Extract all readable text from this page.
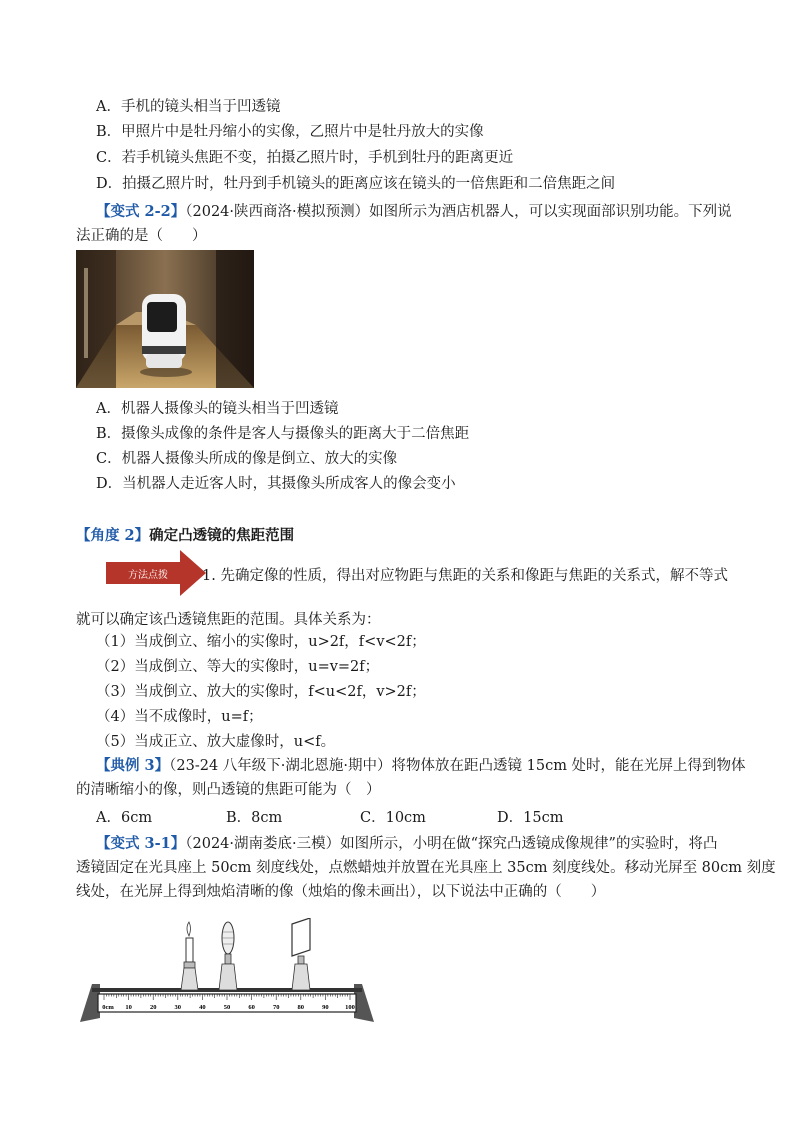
A．手机的镜头相当于凹透镜
B．甲照片中是牡丹缩小的实像，乙照片中是牡丹放大的实像
C．若手机镜头焦距不变，拍摄乙照片时，手机到牡丹的距离更近
D．拍摄乙照片时，牡丹到手机镜头的距离应该在镜头的一倍焦距和二倍焦距之间
【变式 2-2】（2024·陕西商洛·模拟预测）如图所示为酒店机器人，可以实现面部识别功能。下列说
法正确的是（　　）
A．机器人摄像头的镜头相当于凹透镜
B．摄像头成像的条件是客人与摄像头的距离大于二倍焦距
C．机器人摄像头所成的像是倒立、放大的实像
D．当机器人走近客人时，其摄像头所成客人的像会变小
【角度 2】确定凸透镜的焦距范围
方法点拨 1. 先确定像的性质，得出对应物距与焦距的关系和像距与焦距的关系式，解不等式
就可以确定该凸透镜焦距的范围。具体关系为：
（1）当成倒立、缩小的实像时，u>2f，f<v<2f；
（2）当成倒立、等大的实像时，u=v=2f；
（3）当成倒立、放大的实像时，f<u<2f，v>2f；
（4）当不成像时，u=f；
（5）当成正立、放大虚像时，u<f。
【典例 3】（23-24 八年级下·湖北恩施·期中）将物体放在距凸透镜 15cm 处时，能在光屏上得到物体
的清晰缩小的像，则凸透镜的焦距可能为（　）
A．6cm	B．8cm	C．10cm	D．15cm
【变式 3-1】（2024·湖南娄底·三模）如图所示，小明在做“探究凸透镜成像规律”的实验时，将凸
透镜固定在光具座上 50cm 刻度线处，点燃蜡烛并放置在光具座上 35cm 刻度线处。移动光屏至 80cm 刻度
线处，在光屏上得到烛焰清晰的像（烛焰的像未画出），以下说法中正确的（　　）
0cm 10	20	30	40	50	60	70	80	90	100
